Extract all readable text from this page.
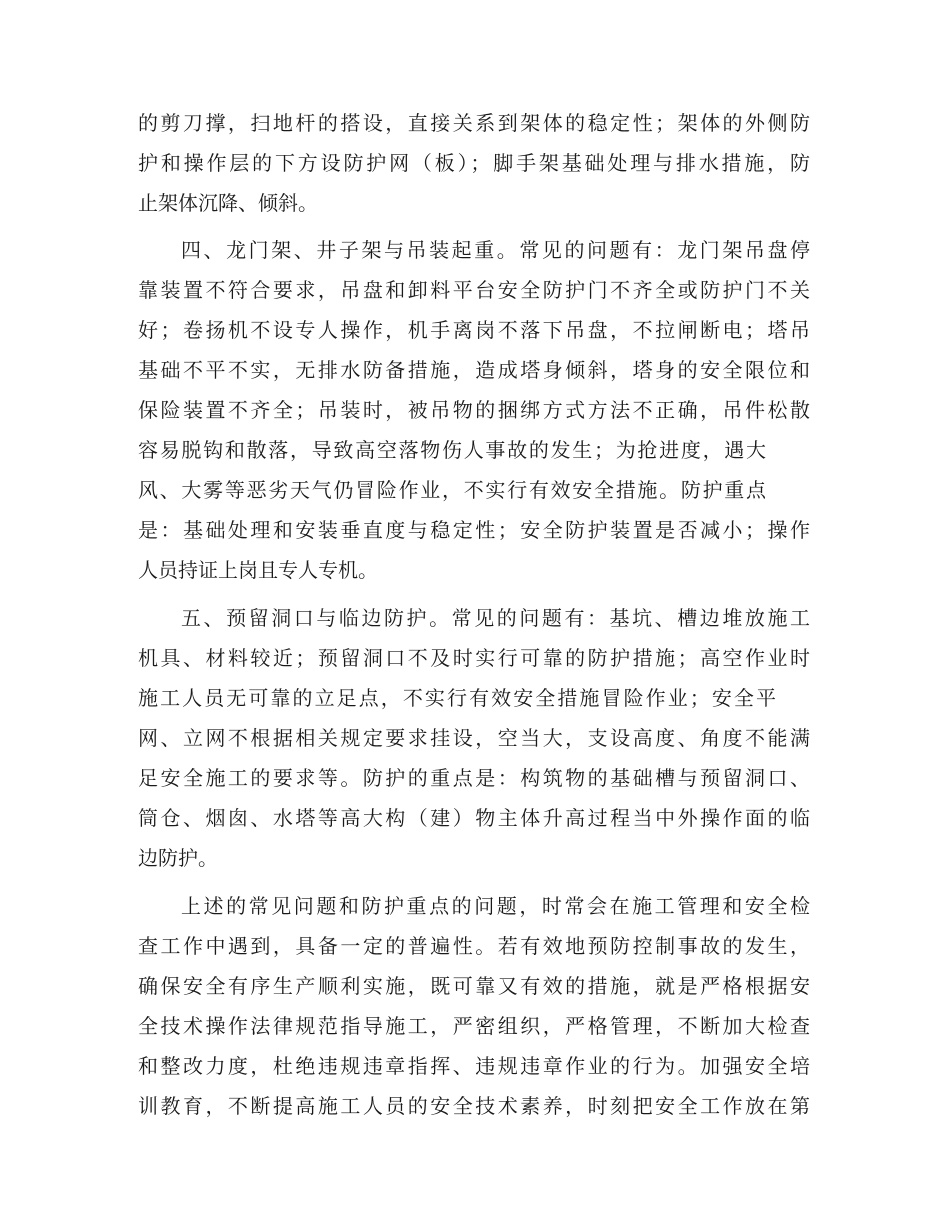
的剪刀撑，扫地杆的搭设，直接关系到架体的稳定性；架体的外侧防
护和操作层的下方设防护网（板）；脚手架基础处理与排水措施，防
止架体沉降、倾斜。
四、龙门架、井子架与吊装起重。常见的问题有：龙门架吊盘停
靠装置不符合要求，吊盘和卸料平台安全防护门不齐全或防护门不关
好；卷扬机不设专人操作，机手离岗不落下吊盘，不拉闸断电；塔吊
基础不平不实，无排水防备措施，造成塔身倾斜，塔身的安全限位和
保险装置不齐全；吊装时，被吊物的捆绑方式方法不正确，吊件松散
容易脱钩和散落，导致高空落物伤人事故的发生；为抢进度，遇大
风、大雾等恶劣天气仍冒险作业，不实行有效安全措施。防护重点
是：基础处理和安装垂直度与稳定性；安全防护装置是否减小；操作
人员持证上岗且专人专机。
五、预留洞口与临边防护。常见的问题有：基坑、槽边堆放施工
机具、材料较近；预留洞口不及时实行可靠的防护措施；高空作业时
施工人员无可靠的立足点，不实行有效安全措施冒险作业；安全平
网、立网不根据相关规定要求挂设，空当大，支设高度、角度不能满
足安全施工的要求等。防护的重点是：构筑物的基础槽与预留洞口、
筒仓、烟囱、水塔等高大构（建）物主体升高过程当中外操作面的临
边防护。
上述的常见问题和防护重点的问题，时常会在施工管理和安全检
查工作中遇到，具备一定的普遍性。若有效地预防控制事故的发生，
确保安全有序生产顺利实施，既可靠又有效的措施，就是严格根据安
全技术操作法律规范指导施工，严密组织，严格管理，不断加大检查
和整改力度，杜绝违规违章指挥、违规违章作业的行为。加强安全培
训教育，不断提高施工人员的安全技术素养，时刻把安全工作放在第
